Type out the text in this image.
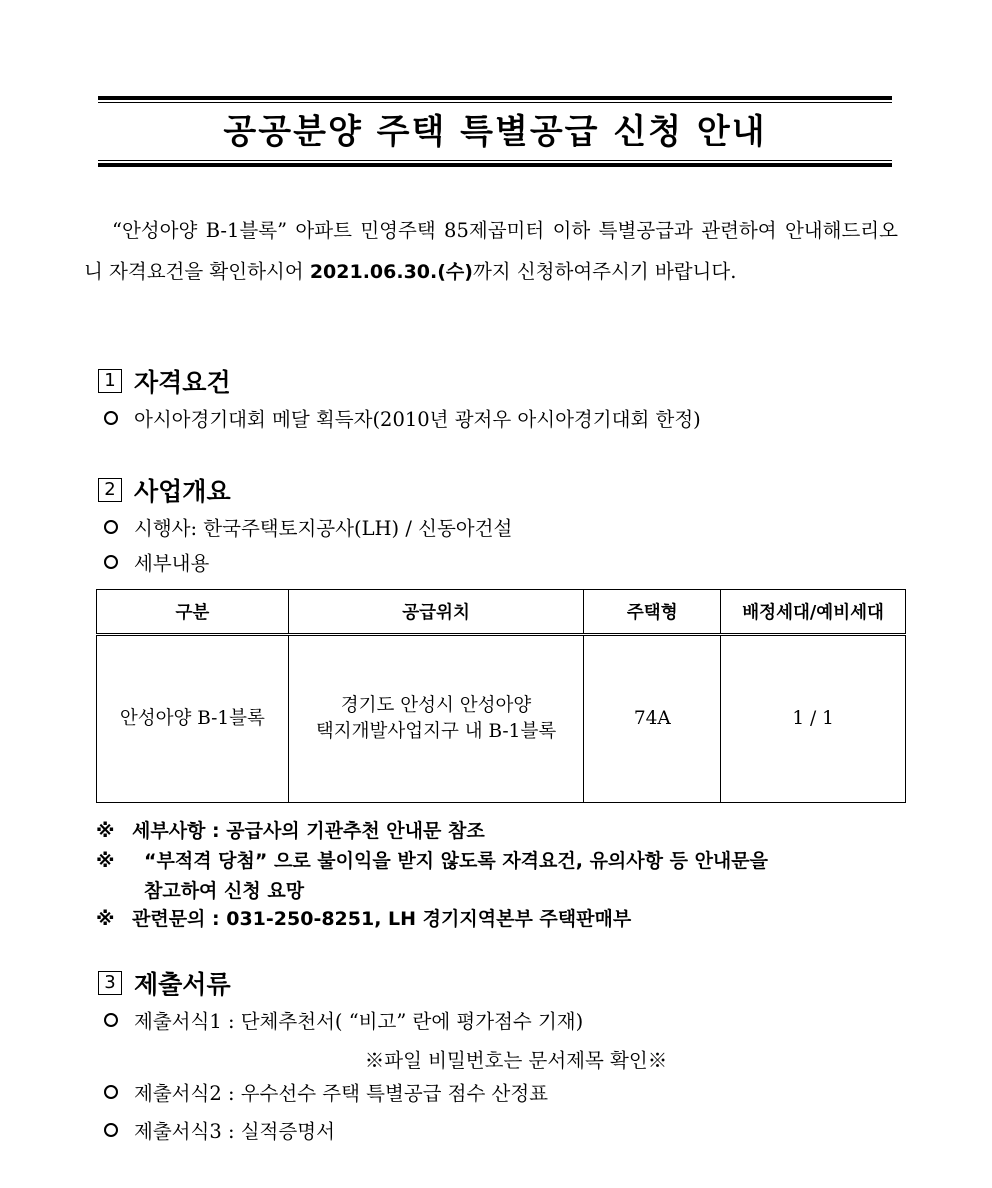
공공분양 주택 특별공급 신청 안내
“안성아양 B-1블록” 아파트 민영주택 85제곱미터 이하 특별공급과 관련하여 안내해드리오니 자격요건을 확인하시어 2021.06.30.(수)까지 신청하여주시기 바랍니다.
1 자격요건
아시아경기대회 메달 획득자(2010년 광저우 아시아경기대회 한정)
2 사업개요
시행사: 한국주택토지공사(LH) / 신동아건설
세부내용
구분	공급위치	주택형	배정세대/예비세대
안성아양 B-1블록	경기도 안성시 안성아양
택지개발사업지구 내 B-1블록	74A	1 / 1
※ 세부사항 : 공급사의 기관추천 안내문 참조
※ “부적격 당첨” 으로 불이익을 받지 않도록 자격요건, 유의사항 등 안내문을
참고하여 신청 요망
※ 관련문의 : 031-250-8251, LH 경기지역본부 주택판매부
3 제출서류
제출서식1 : 단체추천서( “비고” 란에 평가점수 기재)
※파일 비밀번호는 문서제목 확인※
제출서식2 : 우수선수 주택 특별공급 점수 산정표
제출서식3 : 실적증명서
